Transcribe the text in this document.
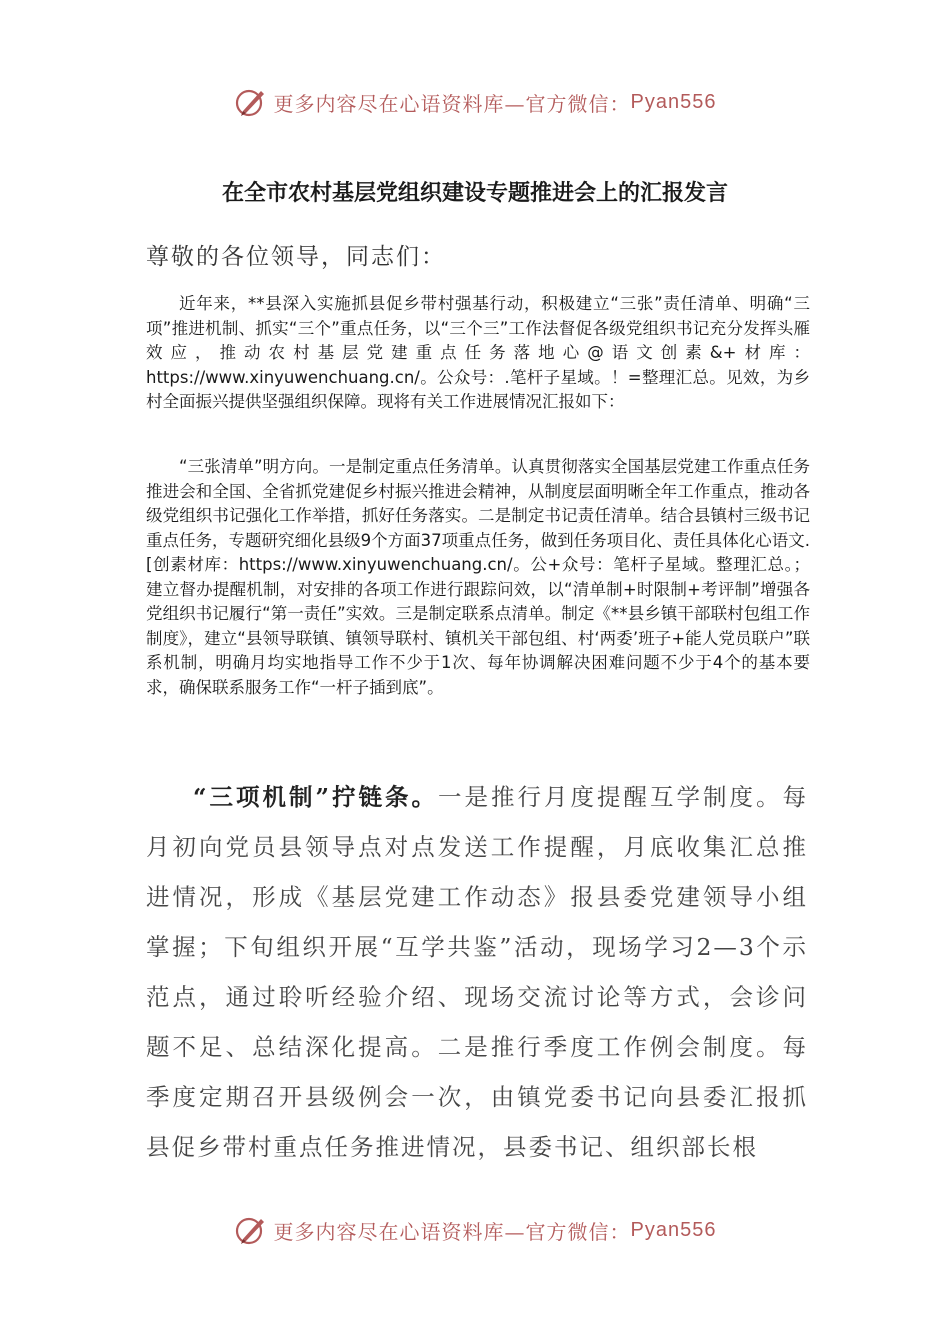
更多内容尽在心语资料库—官方微信： Pyan556
在全市农村基层党组织建设专题推进会上的汇报发言
尊敬的各位领导，同志们：

近年来，**县深入实施抓县促乡带村强基行动，积极建立“三张”责任清单、明确“三项”推进机制、抓实“三个”重点任务，以“三个三”工作法督促各级党组织书记充分发挥头雁效应，推动农村基层党建重点任务落地心@语文创素&+材库：https://www.xinyuwenchuang.cn/。公众号：.笔杆子星域。！=整理汇总。见效，为乡村全面振兴提供坚强组织保障。现将有关工作进展情况汇报如下：

“三张清单”明方向。一是制定重点任务清单。认真贯彻落实全国基层党建工作重点任务推进会和全国、全省抓党建促乡村振兴推进会精神，从制度层面明晰全年工作重点，推动各级党组织书记强化工作举措，抓好任务落实。二是制定书记责任清单。结合县镇村三级书记重点任务，专题研究细化县级9个方面37项重点任务，做到任务项目化、责任具体化心语文.[创素材库：https://www.xinyuwenchuang.cn/。公+众号：笔杆子星域。整理汇总。；建立督办提醒机制，对安排的各项工作进行跟踪问效，以“清单制+时限制+考评制”增强各党组织书记履行“第一责任”实效。三是制定联系点清单。制定《**县乡镇干部联村包组工作制度》，建立“县领导联镇、镇领导联村、镇机关干部包组、村‘两委’班子+能人党员联户”联系机制，明确月均实地指导工作不少于1次、每年协调解决困难问题不少于4个的基本要求，确保联系服务工作“一杆子插到底”。

“三项机制”拧链条。一是推行月度提醒互学制度。每月初向党员县领导点对点发送工作提醒，月底收集汇总推进情况，形成《基层党建工作动态》报县委党建领导小组掌握；下旬组织开展“互学共鉴”活动，现场学习2—3个示范点，通过聆听经验介绍、现场交流讨论等方式，会诊问题不足、总结深化提高。二是推行季度工作例会制度。每季度定期召开县级例会一次，由镇党委书记向县委汇报抓县促乡带村重点任务推进情况，县委书记、组织部长根

更多内容尽在心语资料库—官方微信： Pyan556
